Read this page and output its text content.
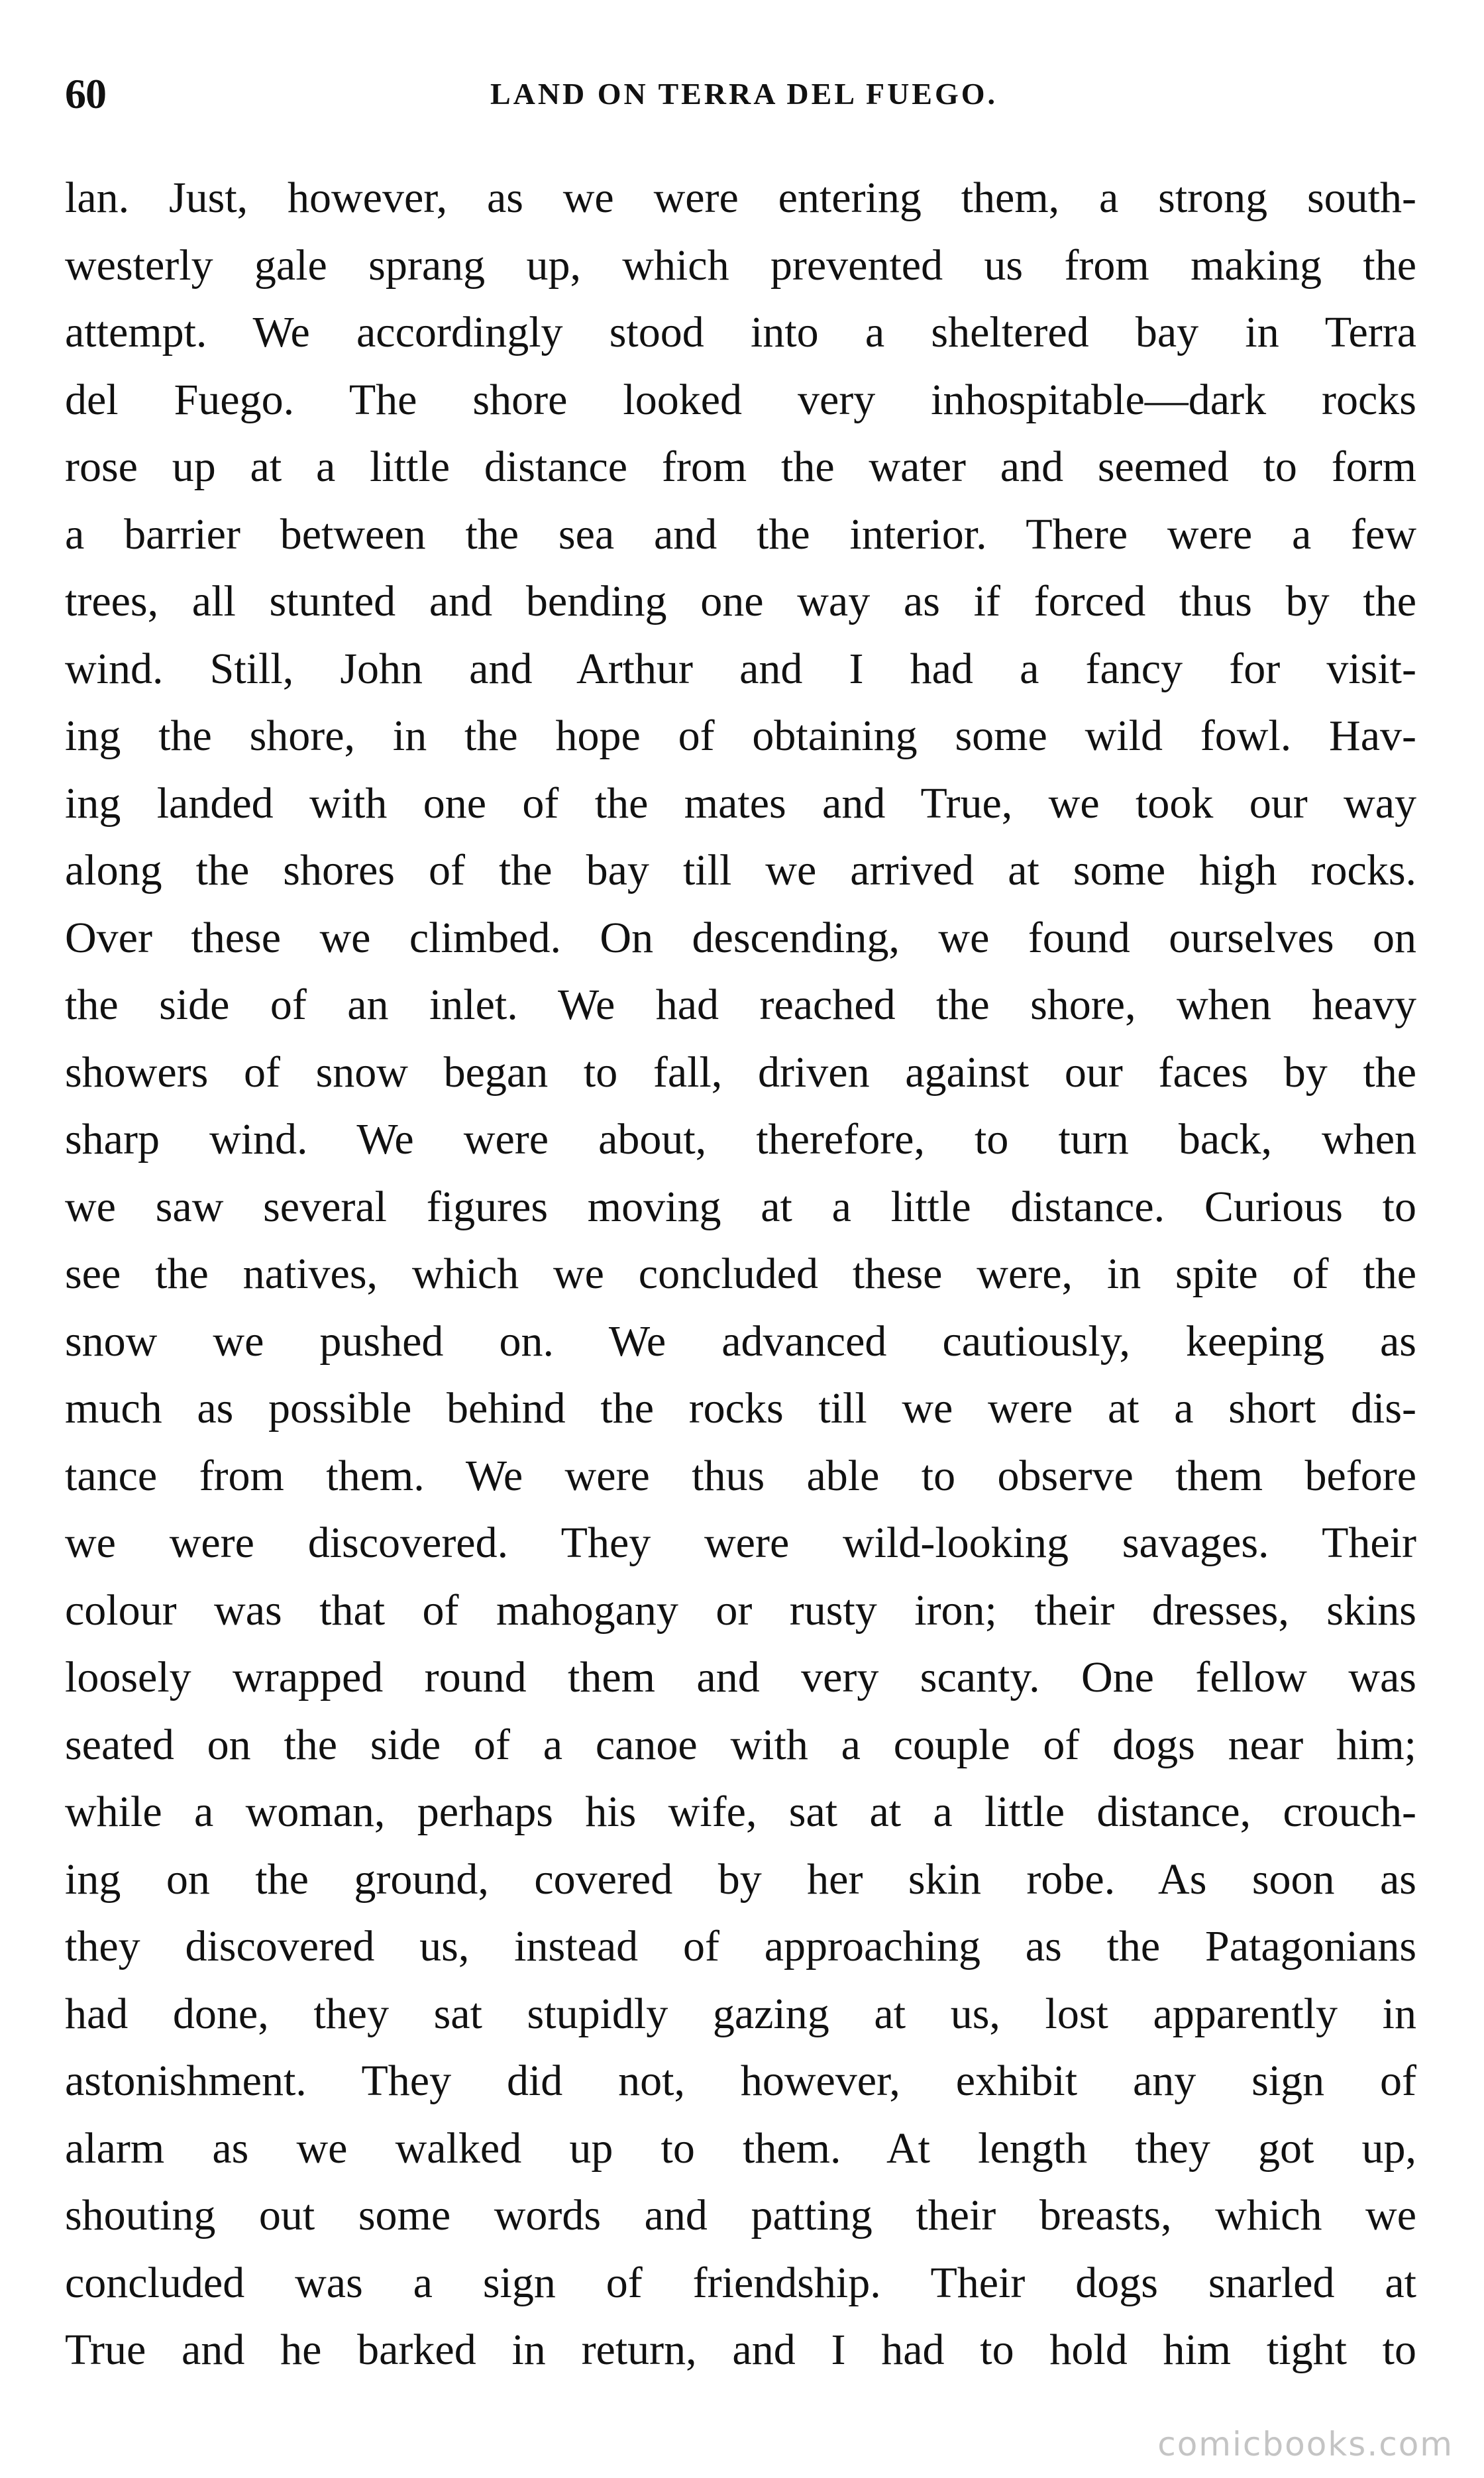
60	LAND ON TERRA DEL FUEGO.
lan. Just, however, as we were entering them, a strong south-
westerly gale sprang up, which prevented us from making the
attempt. We accordingly stood into a sheltered bay in Terra
del Fuego. The shore looked very inhospitable—dark rocks
rose up at a little distance from the water and seemed to form
a barrier between the sea and the interior. There were a few
trees, all stunted and bending one way as if forced thus by the
wind. Still, John and Arthur and I had a fancy for visit-
ing the shore, in the hope of obtaining some wild fowl. Hav-
ing landed with one of the mates and True, we took our way
along the shores of the bay till we arrived at some high rocks.
Over these we climbed. On descending, we found ourselves on
the side of an inlet. We had reached the shore, when heavy
showers of snow began to fall, driven against our faces by the
sharp wind. We were about, therefore, to turn back, when
we saw several figures moving at a little distance. Curious to
see the natives, which we concluded these were, in spite of the
snow we pushed on. We advanced cautiously, keeping as
much as possible behind the rocks till we were at a short dis-
tance from them. We were thus able to observe them before
we were discovered. They were wild-looking savages. Their
colour was that of mahogany or rusty iron; their dresses, skins
loosely wrapped round them and very scanty. One fellow was
seated on the side of a canoe with a couple of dogs near him;
while a woman, perhaps his wife, sat at a little distance, crouch-
ing on the ground, covered by her skin robe. As soon as
they discovered us, instead of approaching as the Patagonians
had done, they sat stupidly gazing at us, lost apparently in
astonishment. They did not, however, exhibit any sign of
alarm as we walked up to them. At length they got up,
shouting out some words and patting their breasts, which we
concluded was a sign of friendship. Their dogs snarled at
True and he barked in return, and I had to hold him tight to
comicbooks.com
